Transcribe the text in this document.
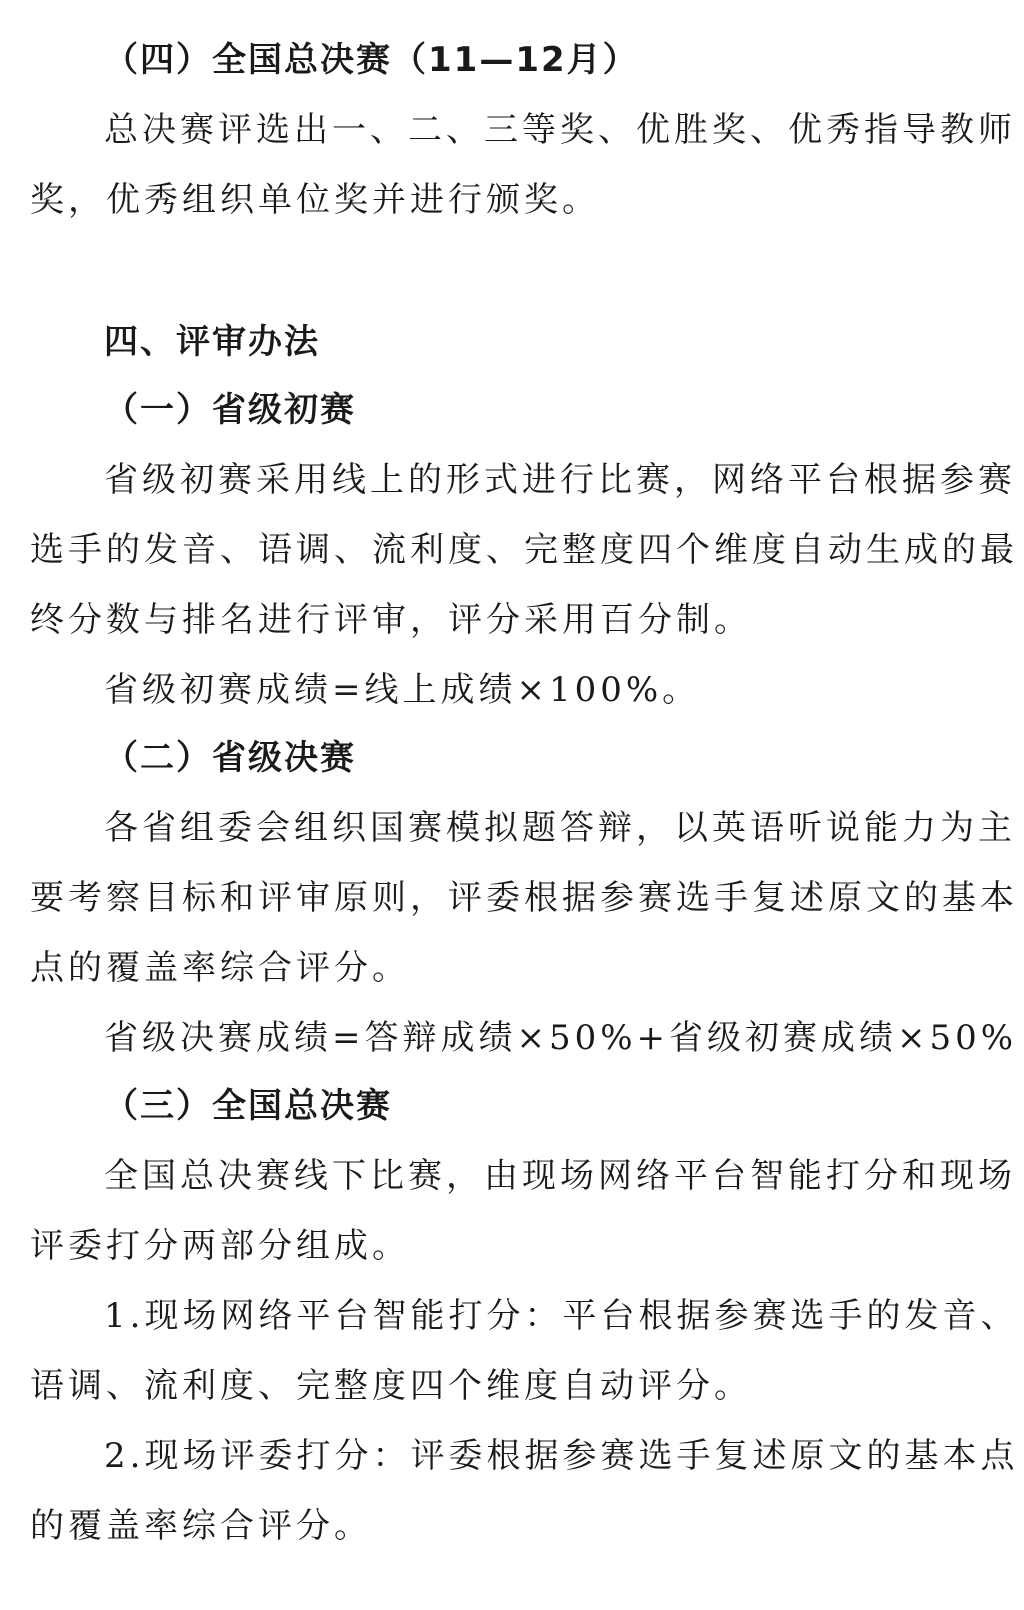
（四）全国总决赛（11—12月）
总决赛评选出一、二、三等奖、优胜奖、优秀指导教师
奖，优秀组织单位奖并进行颁奖。
四、评审办法
（一）省级初赛
省级初赛采用线上的形式进行比赛，网络平台根据参赛
选手的发音、语调、流利度、完整度四个维度自动生成的最
终分数与排名进行评审，评分采用百分制。
省级初赛成绩=线上成绩×100%。
（二）省级决赛
各省组委会组织国赛模拟题答辩，以英语听说能力为主
要考察目标和评审原则，评委根据参赛选手复述原文的基本
点的覆盖率综合评分。
省级决赛成绩=答辩成绩×50%+省级初赛成绩×50%
（三）全国总决赛
全国总决赛线下比赛，由现场网络平台智能打分和现场
评委打分两部分组成。
1.现场网络平台智能打分：平台根据参赛选手的发音、
语调、流利度、完整度四个维度自动评分。
2.现场评委打分：评委根据参赛选手复述原文的基本点
的覆盖率综合评分。
